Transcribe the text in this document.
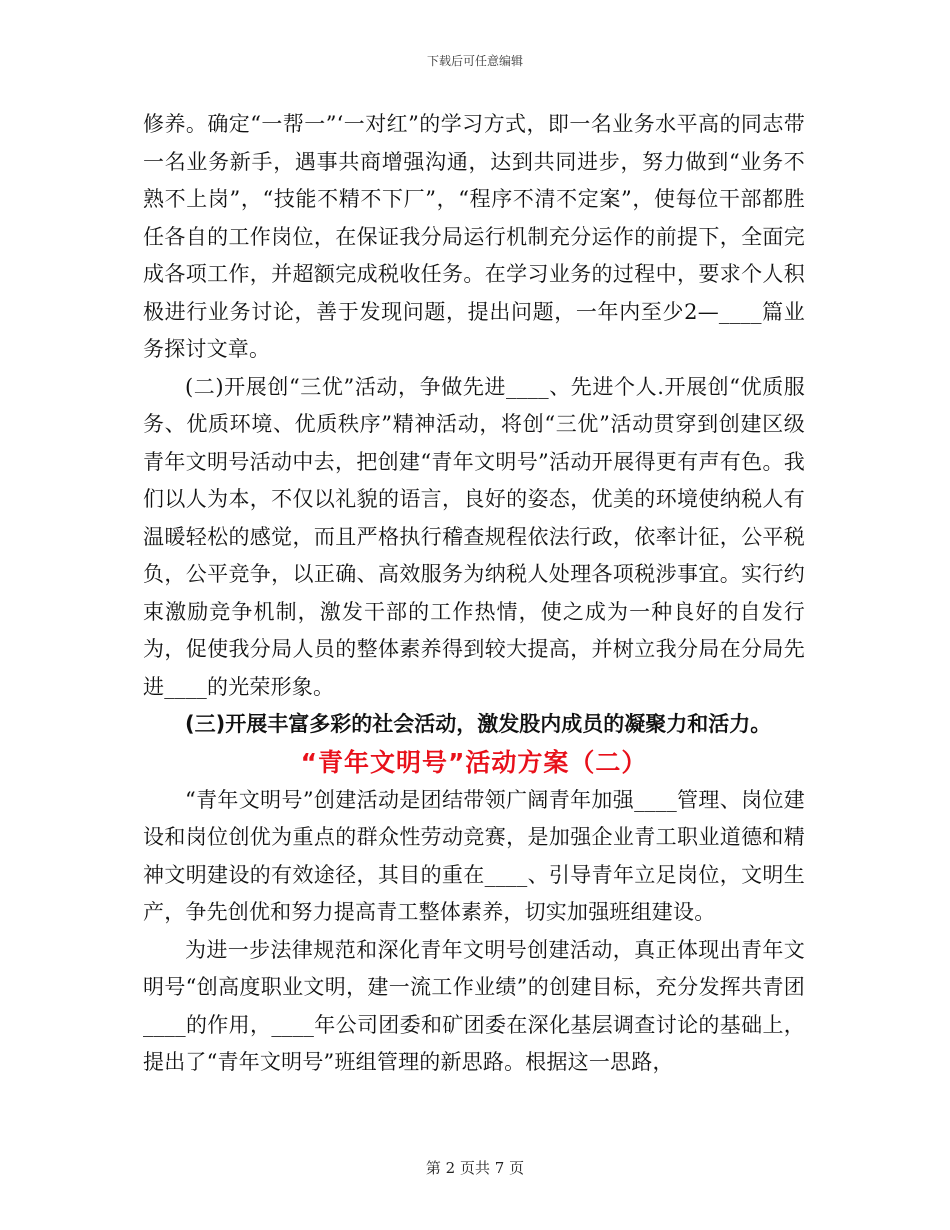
下载后可任意编辑

修养。确定“一帮一”‘一对红”的学习方式，即一名业务水平高的同志带一名业务新手，遇事共商增强沟通，达到共同进步，努力做到“业务不熟不上岗”，“技能不精不下厂”，“程序不清不定案”，使每位干部都胜任各自的工作岗位，在保证我分局运行机制充分运作的前提下，全面完成各项工作，并超额完成税收任务。在学习业务的过程中，要求个人积极进行业务讨论，善于发现问题，提出问题，一年内至少2—____篇业务探讨文章。

(二)开展创“三优”活动，争做先进____、先进个人.开展创“优质服务、优质环境、优质秩序”精神活动，将创“三优”活动贯穿到创建区级青年文明号活动中去，把创建“青年文明号”活动开展得更有声有色。我们以人为本，不仅以礼貌的语言，良好的姿态，优美的环境使纳税人有温暖轻松的感觉，而且严格执行稽查规程依法行政，依率计征，公平税负，公平竞争，以正确、高效服务为纳税人处理各项税涉事宜。实行约束激励竞争机制，激发干部的工作热情，使之成为一种良好的自发行为，促使我分局人员的整体素养得到较大提高，并树立我分局在分局先进____的光荣形象。

(三)开展丰富多彩的社会活动，激发股内成员的凝聚力和活力。

“青年文明号”活动方案（二）

“青年文明号”创建活动是团结带领广阔青年加强____管理、岗位建设和岗位创优为重点的群众性劳动竞赛，是加强企业青工职业道德和精神文明建设的有效途径，其目的重在____、引导青年立足岗位，文明生产，争先创优和努力提高青工整体素养，切实加强班组建设。

为进一步法律规范和深化青年文明号创建活动，真正体现出青年文明号“创高度职业文明，建一流工作业绩”的创建目标，充分发挥共青团____的作用，____年公司团委和矿团委在深化基层调查讨论的基础上，提出了“青年文明号”班组管理的新思路。根据这一思路，

第 2 页共 7 页
